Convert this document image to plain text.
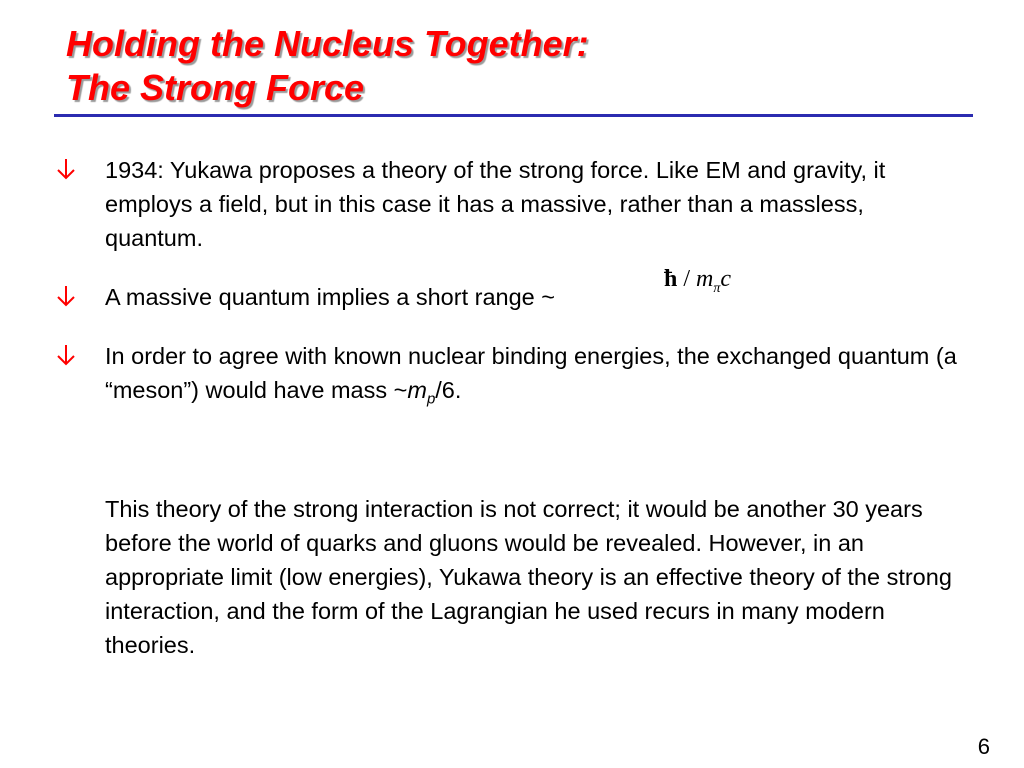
Holding the Nucleus Together:
The Strong Force
1934: Yukawa proposes a theory of the strong force. Like EM and gravity, it employs a field, but in this case it has a massive, rather than a massless, quantum.
A massive quantum implies a short range ~
ħ / $m_\pi c$
In order to agree with known nuclear binding energies, the exchanged quantum (a “meson”) would have mass $\sim m_p/6$.
This theory of the strong interaction is not correct; it would be another 30 years before the world of quarks and gluons would be revealed. However, in an appropriate limit (low energies), Yukawa theory is an effective theory of the strong interaction, and the form of the Lagrangian he used recurs in many modern theories.
6
